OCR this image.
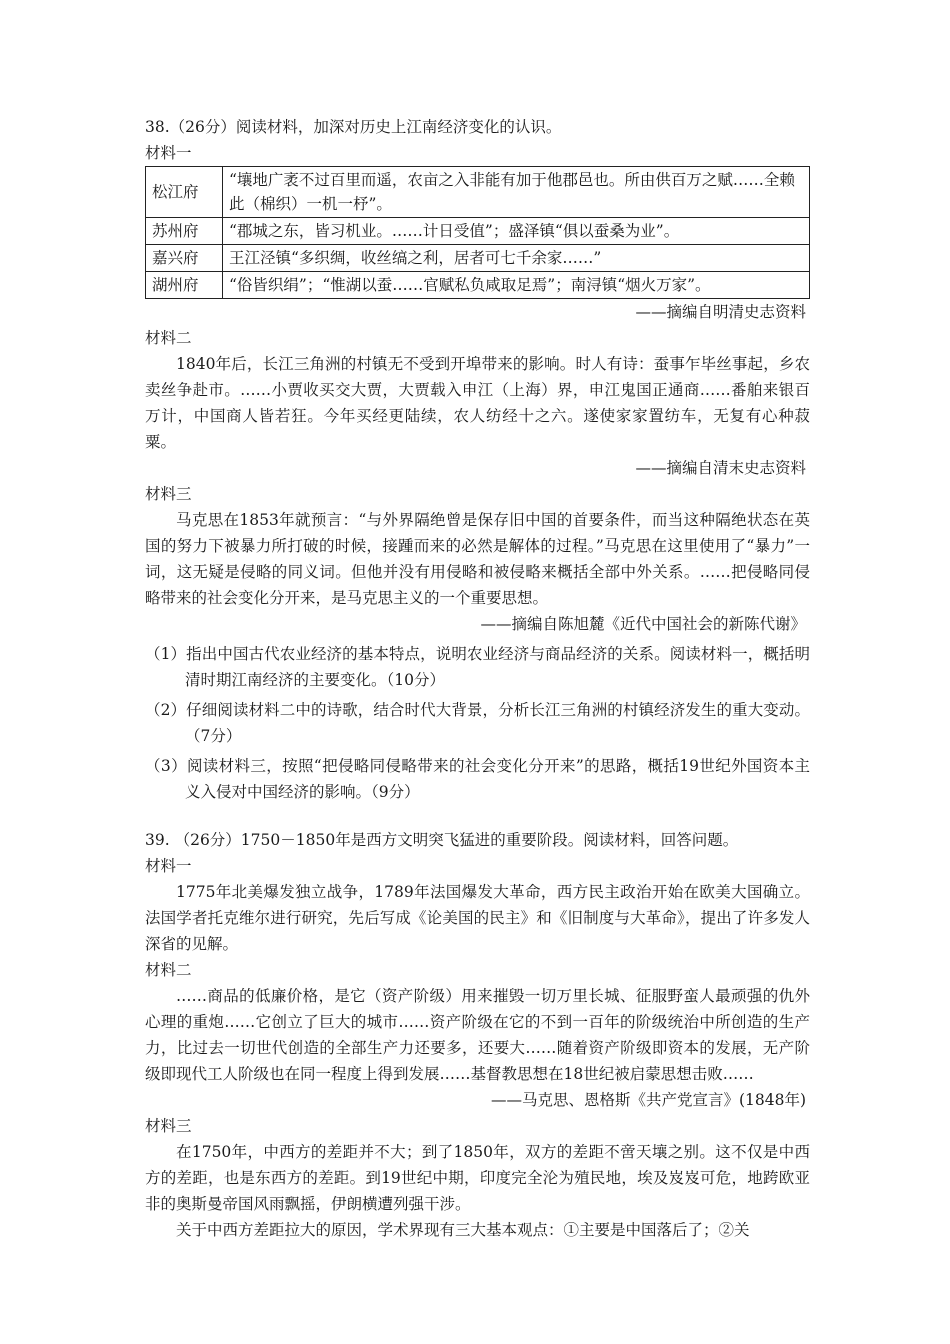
38.（26分）阅读材料，加深对历史上江南经济变化的认识。
材料一
松江府	“壤地广袤不过百里而遥，农亩之入非能有加于他郡邑也。所由供百万之赋……全赖此（棉织）一机一杼”。
苏州府	“郡城之东，皆习机业。……计日受值”；盛泽镇“俱以蚕桑为业”。
嘉兴府	王江泾镇“多织绸，收丝缟之利，居者可七千余家……”
湖州府	“俗皆织绢”；“惟湖以蚕……官赋私负咸取足焉”；南浔镇“烟火万家”。
——摘编自明清史志资料
材料二

1840年后，长江三角洲的村镇无不受到开埠带来的影响。时人有诗：蚕事乍毕丝事起，乡农卖丝争赴市。……小贾收买交大贾，大贾载入申江（上海）界，申江鬼国正通商……番舶来银百万计，中国商人皆若狂。今年买经更陆续，农人纺经十之六。遂使家家置纺车，无复有心种菽粟。

——摘编自清末史志资料
材料三

马克思在1853年就预言：“与外界隔绝曾是保存旧中国的首要条件，而当这种隔绝状态在英国的努力下被暴力所打破的时候，接踵而来的必然是解体的过程。”马克思在这里使用了“暴力”一词，这无疑是侵略的同义词。但他并没有用侵略和被侵略来概括全部中外关系。……把侵略同侵略带来的社会变化分开来，是马克思主义的一个重要思想。

——摘编自陈旭麓《近代中国社会的新陈代谢》

（1）指出中国古代农业经济的基本特点，说明农业经济与商品经济的关系。阅读材料一，概括明清时期江南经济的主要变化。（10分）

（2）仔细阅读材料二中的诗歌，结合时代大背景，分析长江三角洲的村镇经济发生的重大变动。（7分）

（3）阅读材料三，按照“把侵略同侵略带来的社会变化分开来”的思路，概括19世纪外国资本主义入侵对中国经济的影响。（9分）

39. （26分）1750－1850年是西方文明突飞猛进的重要阶段。阅读材料，回答问题。
材料一

1775年北美爆发独立战争，1789年法国爆发大革命，西方民主政治开始在欧美大国确立。法国学者托克维尔进行研究，先后写成《论美国的民主》和《旧制度与大革命》，提出了许多发人深省的见解。

材料二

……商品的低廉价格，是它（资产阶级）用来摧毁一切万里长城、征服野蛮人最顽强的仇外心理的重炮……它创立了巨大的城市……资产阶级在它的不到一百年的阶级统治中所创造的生产力，比过去一切世代创造的全部生产力还要多，还要大……随着资产阶级即资本的发展，无产阶级即现代工人阶级也在同一程度上得到发展……基督教思想在18世纪被启蒙思想击败……

——马克思、恩格斯《共产党宣言》(1848年)
材料三

在1750年，中西方的差距并不大；到了1850年，双方的差距不啻天壤之别。这不仅是中西方的差距，也是东西方的差距。到19世纪中期，印度完全沦为殖民地，埃及岌岌可危，地跨欧亚非的奥斯曼帝国风雨飘摇，伊朗横遭列强干涉。

关于中西方差距拉大的原因，学术界现有三大基本观点：①主要是中国落后了；②关
